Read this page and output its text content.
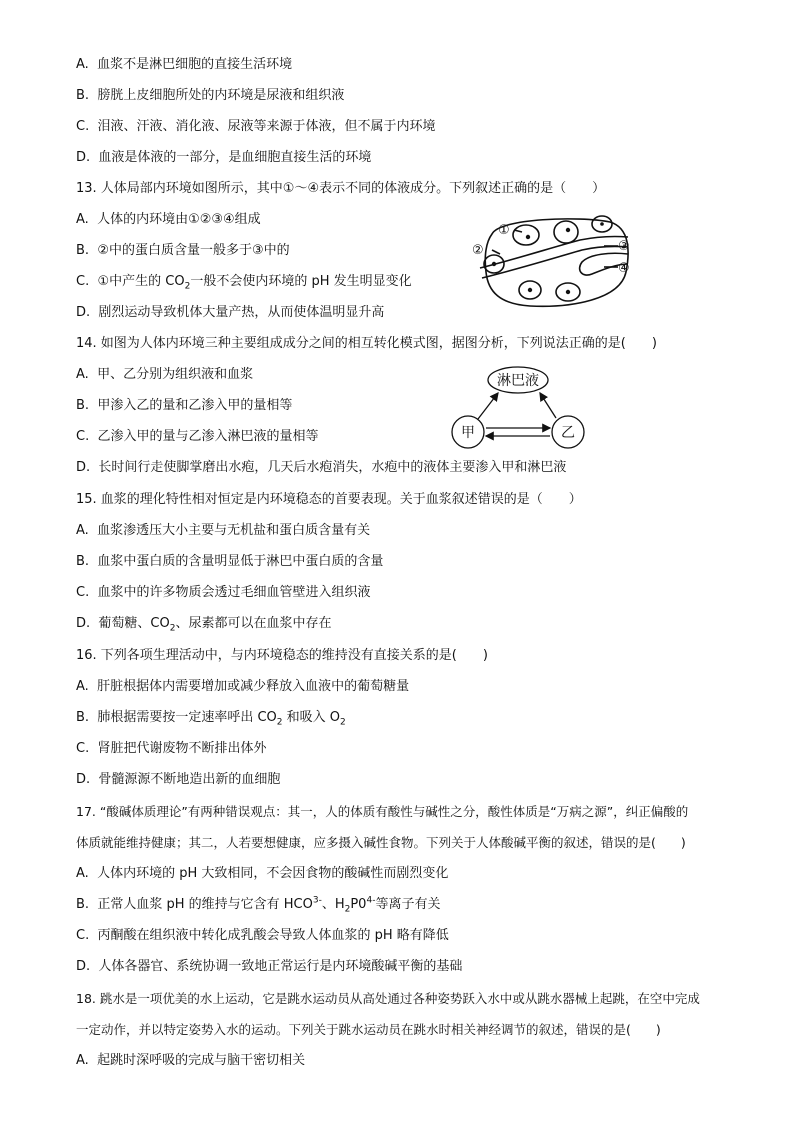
A. 血浆不是淋巴细胞的直接生活环境
B. 膀胱上皮细胞所处的内环境是尿液和组织液
C. 泪液、汗液、消化液、尿液等来源于体液，但不属于内环境
D. 血液是体液的一部分，是血细胞直接生活的环境
13. 人体局部内环境如图所示，其中①～④表示不同的体液成分。下列叙述正确的是（　　）
A. 人体的内环境由①②③④组成
B. ②中的蛋白质含量一般多于③中的
C. ①中产生的 $CO_2$一般不会使内环境的 pH 发生明显变化
D. 剧烈运动导致机体大量产热，从而使体温明显升高
①
②	③
④
14. 如图为人体内环境三种主要组成成分之间的相互转化模式图，据图分析，下列说法正确的是(　　)
A. 甲、乙分别为组织液和血浆
B. 甲渗入乙的量和乙渗入甲的量相等
C. 乙渗入甲的量与乙渗入淋巴液的量相等
D. 长时间行走使脚掌磨出水疱，几天后水疱消失，水疱中的液体主要渗入甲和淋巴液
淋巴液
甲	乙
15. 血浆的理化特性相对恒定是内环境稳态的首要表现。关于血浆叙述错误的是（　　）
A. 血浆渗透压大小主要与无机盐和蛋白质含量有关
B. 血浆中蛋白质的含量明显低于淋巴中蛋白质的含量
C. 血浆中的许多物质会透过毛细血管壁进入组织液
D. 葡萄糖、$CO_2$、尿素都可以在血浆中存在
16. 下列各项生理活动中，与内环境稳态的维持没有直接关系的是(　　)
A. 肝脏根据体内需要增加或减少释放入血液中的葡萄糖量
B. 肺根据需要按一定速率呼出 $CO_2$ 和吸入 $O_2$
C. 肾脏把代谢废物不断排出体外
D. 骨髓源源不断地造出新的血细胞
17. “酸碱体质理论”有两种错误观点：其一，人的体质有酸性与碱性之分，酸性体质是“万病之源”，纠正偏酸的
体质就能维持健康；其二，人若要想健康，应多摄入碱性食物。下列关于人体酸碱平衡的叙述，错误的是(　　)
A. 人体内环境的 pH 大致相同，不会因食物的酸碱性而剧烈变化
B. 正常人血浆 pH 的维持与它含有 $HCO^{3-}$、$H_2P0^{4-}$等离子有关
C. 丙酮酸在组织液中转化成乳酸会导致人体血浆的 pH 略有降低
D. 人体各器官、系统协调一致地正常运行是内环境酸碱平衡的基础
18. 跳水是一项优美的水上运动，它是跳水运动员从高处通过各种姿势跃入水中或从跳水器械上起跳，在空中完成
一定动作，并以特定姿势入水的运动。下列关于跳水运动员在跳水时相关神经调节的叙述，错误的是(　　)
A. 起跳时深呼吸的完成与脑干密切相关
